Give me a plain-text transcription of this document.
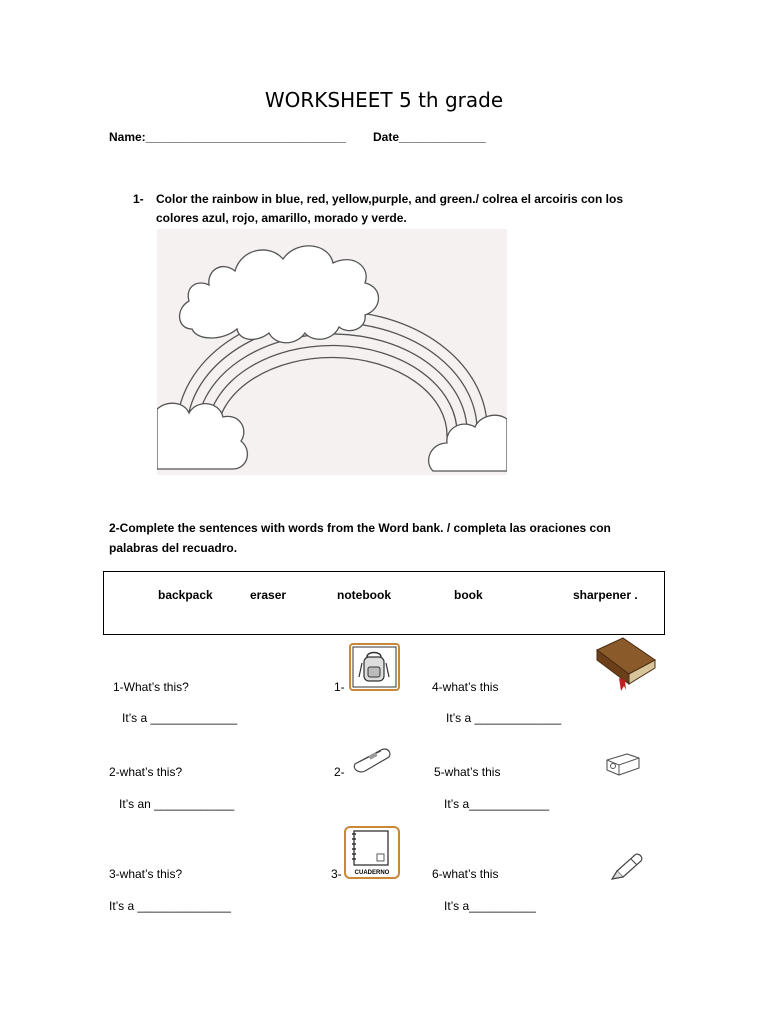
WORKSHEET 5 th grade
Name:______________________________ Date_____________
1- Color the rainbow in blue, red, yellow,purple, and green./ colrea el arcoiris con los
colores azul, rojo, amarillo, morado y verde.
2-Complete the sentences with words from the Word bank. / completa las oraciones con
palabras del recuadro.
backpack	eraser	notebook	book	sharpener .
1-What’s this?
It’s a _____________
1-
2-what’s this?
It’s an ____________
2-
3-what’s this?
It’s a ______________
3-
4-what’s this
It’s a _____________
5-what’s this
It’s a____________
6-what’s this
It’s a__________
CUADERNO
